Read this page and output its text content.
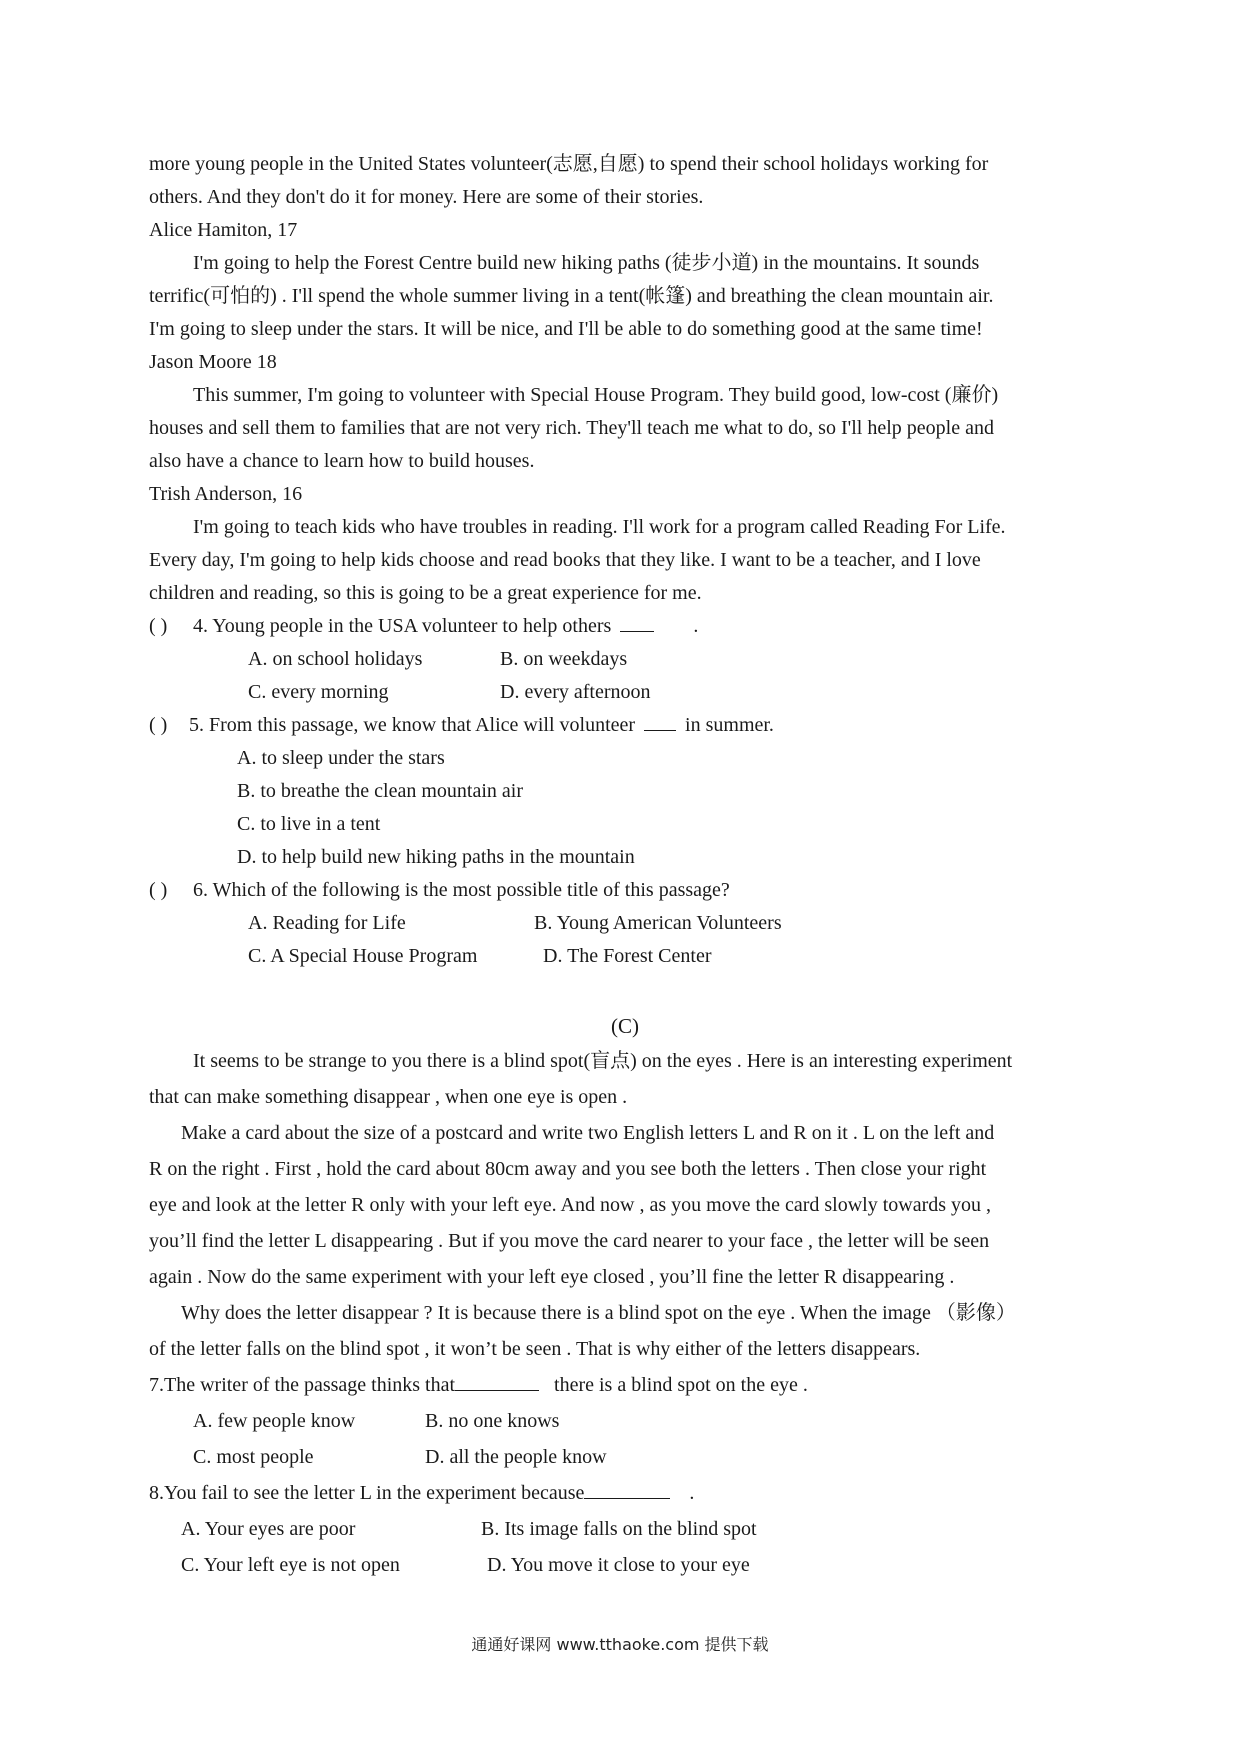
more young people in the United States volunteer(志愿,自愿) to spend their school holidays working for
others. And they don't do it for money. Here are some of their stories.
Alice Hamiton, 17
I'm going to help the Forest Centre build new hiking paths (徒步小道) in the mountains. It sounds
terrific(可怕的) . I'll spend the whole summer living in a tent(帐篷) and breathing the clean mountain air.
I'm going to sleep under the stars. It will be nice, and I'll be able to do something good at the same time!
Jason Moore 18
This summer, I'm going to volunteer with Special House Program. They build good, low-cost (廉价)
houses and sell them to families that are not very rich. They'll teach me what to do, so I'll help people and
also have a chance to learn how to build houses.
Trish Anderson, 16
I'm going to teach kids who have troubles in reading. I'll work for a program called Reading For Life.
Every day, I'm going to help kids choose and read books that they like. I want to be a teacher, and I love
children and reading, so this is going to be a great experience for me.
( ) 4. Young people in the USA volunteer to help others	.
A. on school holidays	B. on weekdays
C. every morning	D. every afternoon
( ) 5. From this passage, we know that Alice will volunteer	in summer.
A. to sleep under the stars
B. to breathe the clean mountain air
C. to live in a tent
D. to help build new hiking paths in the mountain
( ) 6. Which of the following is the most possible title of this passage?
A. Reading for Life	B. Young American Volunteers
C. A Special House Program	D. The Forest Center
(C)
It seems to be strange to you there is a blind spot(盲点) on the eyes . Here is an interesting experiment
that can make something disappear , when one eye is open .
Make a card about the size of a postcard and write two English letters L and R on it . L on the left and
R on the right . First , hold the card about 80cm away and you see both the letters . Then close your right
eye and look at the letter R only with your left eye. And now , as you move the card slowly towards you ,
you’ll find the letter L disappearing . But if you move the card nearer to your face , the letter will be seen
again . Now do the same experiment with your left eye closed , you’ll fine the letter R disappearing .
Why does the letter disappear ? It is because there is a blind spot on the eye . When the image （影像）
of the letter falls on the blind spot , it won’t be seen . That is why either of the letters disappears.
7.The writer of the passage thinks that	there is a blind spot on the eye .
A. few people know	B. no one knows
C. most people	D. all the people know
8.You fail to see the letter L in the experiment because	.
A. Your eyes are poor	B. Its image falls on the blind spot
C. Your left eye is not open	D. You move it close to your eye
通通好课网 www.tthaoke.com 提供下载
